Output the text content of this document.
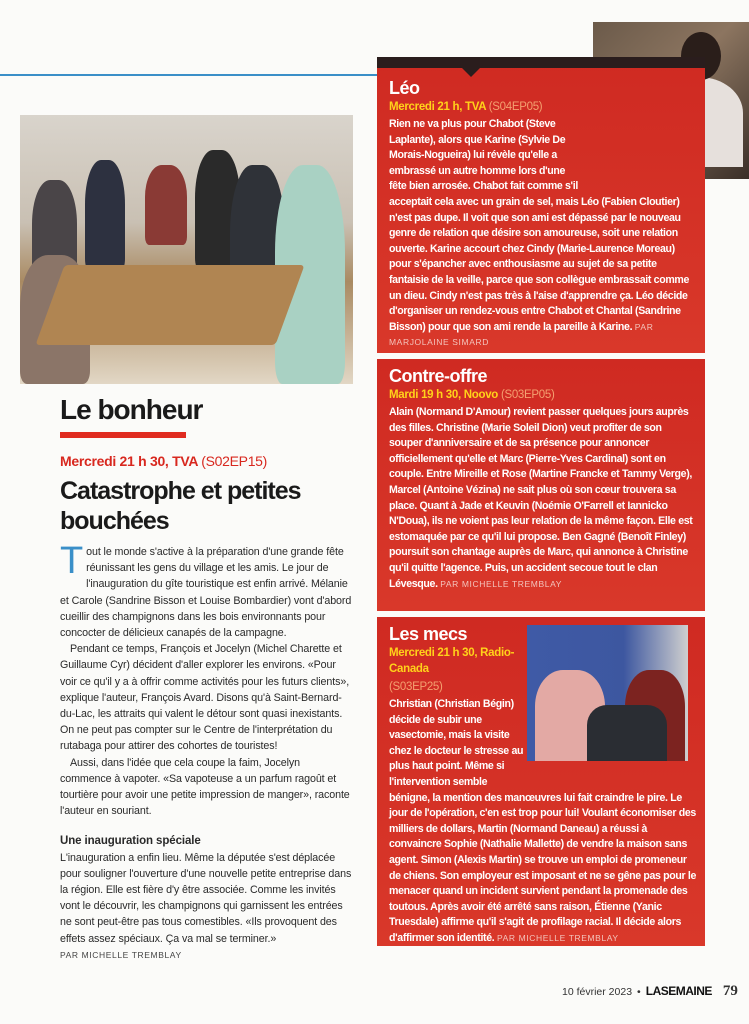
Léo
Mercredi 21 h, TVA (S04EP05)
Rien ne va plus pour Chabot (Steve Laplante), alors que Karine (Sylvie De Morais-Nogueira) lui révèle qu'elle a embrassé un autre homme lors d'une fête bien arrosée. Chabot fait comme s'il acceptait cela avec un grain de sel, mais Léo (Fabien Cloutier) n'est pas dupe. Il voit que son ami est dépassé par le nouveau genre de relation que désire son amoureuse, soit une relation ouverte. Karine accourt chez Cindy (Marie-Laurence Moreau) pour s'épancher avec enthousiasme au sujet de sa petite fantaisie de la veille, parce que son collègue embrassait comme un dieu. Cindy n'est pas très à l'aise d'apprendre ça. Léo décide d'organiser un rendez-vous entre Chabot et Chantal (Sandrine Bisson) pour que son ami rende la pareille à Karine. PAR MARJOLAINE SIMARD
Contre-offre
Mardi 19 h 30, Noovo (S03EP05)
Alain (Normand D'Amour) revient passer quelques jours auprès des filles. Christine (Marie Soleil Dion) veut profiter de son souper d'anniversaire et de sa présence pour annoncer officiellement qu'elle et Marc (Pierre-Yves Cardinal) sont en couple. Entre Mireille et Rose (Martine Francke et Tammy Verge), Marcel (Antoine Vézina) ne sait plus où son cœur trouvera sa place. Quant à Jade et Keuvin (Noémie O'Farrell et Iannicko N'Doua), ils ne voient pas leur relation de la même façon. Elle est estomaquée par ce qu'il lui propose. Ben Gagné (Benoît Finley) poursuit son chantage auprès de Marc, qui annonce à Christine qu'il quitte l'agence. Puis, un accident secoue tout le clan Lévesque. PAR MICHELLE TREMBLAY
Les mecs
Mercredi 21 h 30, Radio-Canada
(S03EP25)
Christian (Christian Bégin) décide de subir une vasectomie, mais la visite chez le docteur le stresse au plus haut point. Même si l'intervention semble bénigne, la mention des manœuvres lui fait craindre le pire. Le jour de l'opération, c'en est trop pour lui! Voulant économiser des milliers de dollars, Martin (Normand Daneau) a réussi à convaincre Sophie (Nathalie Mallette) de vendre la maison sans agent. Simon (Alexis Martin) se trouve un emploi de promeneur de chiens. Son employeur est imposant et ne se gêne pas pour le menacer quand un incident survient pendant la promenade des toutous. Après avoir été arrêté sans raison, Étienne (Yanic Truesdale) affirme qu'il s'agit de profilage racial. Il décide alors d'affirmer son identité. PAR MICHELLE TREMBLAY
Le bonheur
Mercredi 21 h 30, TVA (S02EP15)
Catastrophe et petites bouchées

Tout le monde s'active à la préparation d'une grande fête réunissant les gens du village et les amis. Le jour de l'inauguration du gîte touristique est enfin arrivé. Mélanie et Carole (Sandrine Bisson et Louise Bombardier) vont d'abord cueillir des champignons dans les bois environnants pour concocter de délicieux canapés de la campagne.

Pendant ce temps, François et Jocelyn (Michel Charette et Guillaume Cyr) décident d'aller explorer les environs. «Pour voir ce qu'il y a à offrir comme activités pour les futurs clients», explique l'auteur, François Avard. Disons qu'à Saint-Bernard-du-Lac, les attraits qui valent le détour sont quasi inexistants. On ne peut pas compter sur le Centre de l'interprétation du rutabaga pour attirer des cohortes de touristes!

Aussi, dans l'idée que cela coupe la faim, Jocelyn commence à vapoter. «Sa vapoteuse a un parfum ragoût et tourtière pour avoir une petite impression de manger», raconte l'auteur en souriant.

Une inauguration spéciale
L'inauguration a enfin lieu. Même la députée s'est déplacée pour souligner l'ouverture d'une nouvelle petite entreprise dans la région. Elle est fière d'y être associée. Comme les invités vont le découvrir, les champignons qui garnissent les entrées ne sont peut-être pas tous comestibles. «Ils provoquent des effets assez spéciaux. Ça va mal se terminer.»
PAR MICHELLE TREMBLAY
10 février 2023 • LASEMAINE 79
